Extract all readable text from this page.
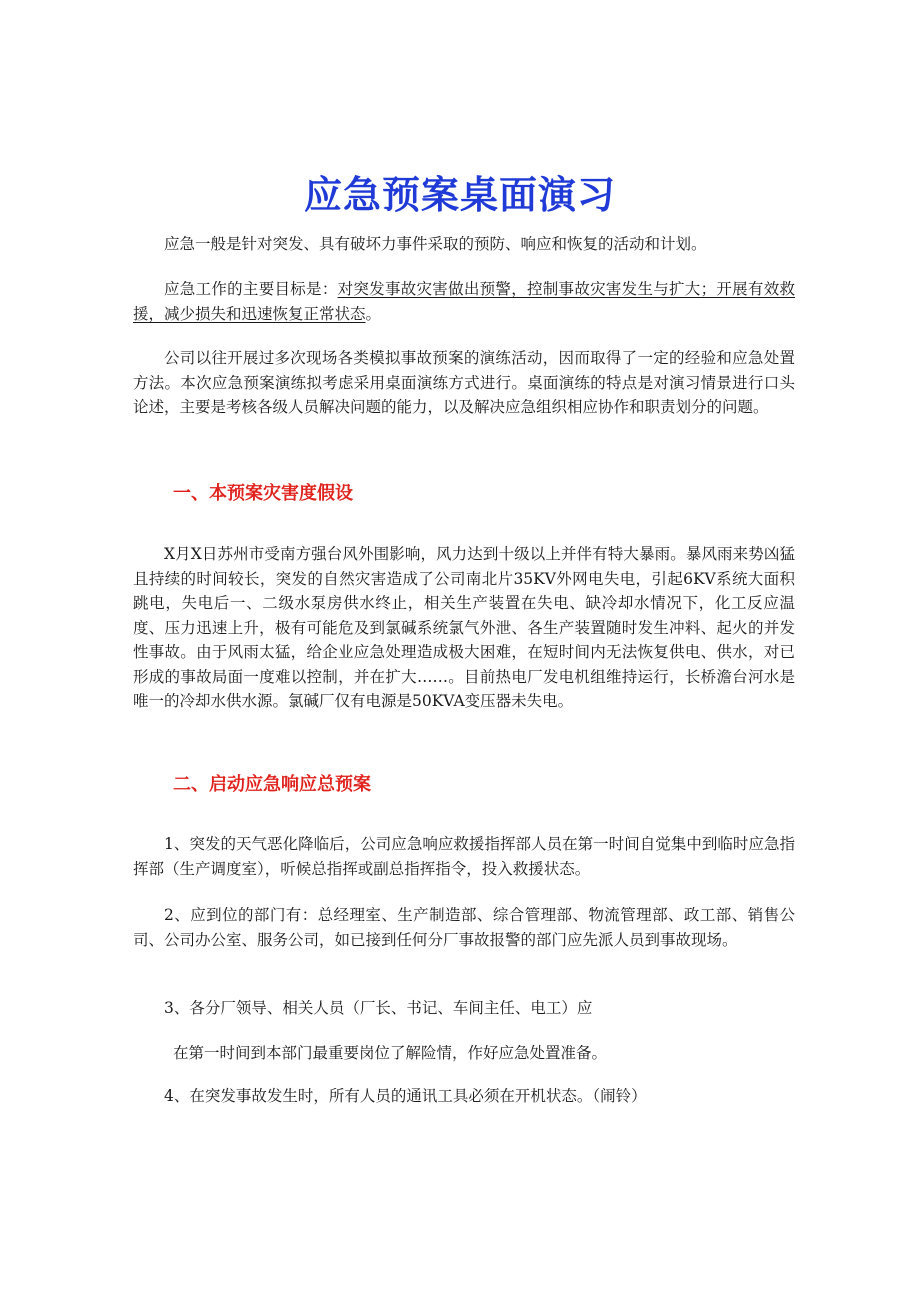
应急预案桌面演习

应急一般是针对突发、具有破坏力事件采取的预防、响应和恢复的活动和计划。

应急工作的主要目标是：对突发事故灾害做出预警，控制事故灾害发生与扩大；开展有效救援，减少损失和迅速恢复正常状态。

公司以往开展过多次现场各类模拟事故预案的演练活动，因而取得了一定的经验和应急处置方法。本次应急预案演练拟考虑采用桌面演练方式进行。桌面演练的特点是对演习情景进行口头论述，主要是考核各级人员解决问题的能力，以及解决应急组织相应协作和职责划分的问题。

一、本预案灾害度假设

X月X日苏州市受南方强台风外围影响，风力达到十级以上并伴有特大暴雨。暴风雨来势凶猛且持续的时间较长，突发的自然灾害造成了公司南北片35KV外网电失电，引起6KV系统大面积跳电，失电后一、二级水泵房供水终止，相关生产装置在失电、缺冷却水情况下，化工反应温度、压力迅速上升，极有可能危及到氯碱系统氯气外泄、各生产装置随时发生冲料、起火的并发性事故。由于风雨太猛，给企业应急处理造成极大困难，在短时间内无法恢复供电、供水，对已形成的事故局面一度难以控制，并在扩大……。目前热电厂发电机组维持运行，长桥澹台河水是唯一的冷却水供水源。氯碱厂仅有电源是50KVA变压器未失电。

二、启动应急响应总预案

1、突发的天气恶化降临后，公司应急响应救援指挥部人员在第一时间自觉集中到临时应急指挥部（生产调度室），听候总指挥或副总指挥指令，投入救援状态。

2、应到位的部门有：总经理室、生产制造部、综合管理部、物流管理部、政工部、销售公司、公司办公室、服务公司，如已接到任何分厂事故报警的部门应先派人员到事故现场。

3、各分厂领导、相关人员（厂长、书记、车间主任、电工）应

在第一时间到本部门最重要岗位了解险情，作好应急处置准备。

4、在突发事故发生时，所有人员的通讯工具必须在开机状态。（闹铃）
